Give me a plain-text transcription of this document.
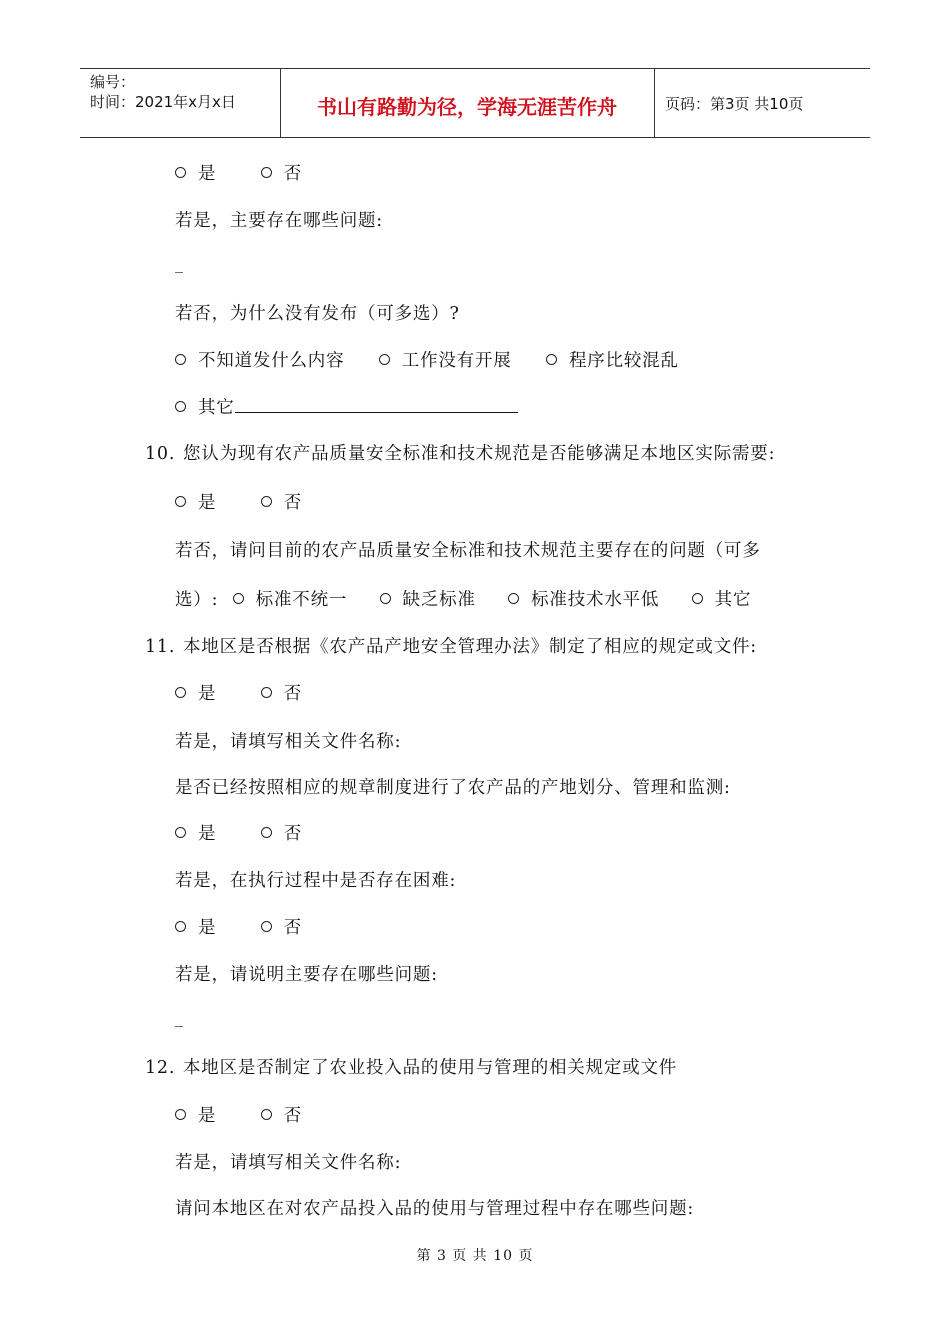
编号：
时间：2021年x月x日	书山有路勤为径，学海无涯苦作舟	页码：第3页 共10页
是	否
若是，主要存在哪些问题:
_
若否，为什么没有发布（可多选）?
不知道发什么内容	工作没有开展	程序比较混乱
其它
10. 您认为现有农产品质量安全标准和技术规范是否能够满足本地区实际需要:
是	否
若否，请问目前的农产品质量安全标准和技术规范主要存在的问题（可多
选）: 标准不统一	缺乏标准	标准技术水平低	其它
11. 本地区是否根据《农产品产地安全管理办法》制定了相应的规定或文件:
是	否
若是，请填写相关文件名称:
是否已经按照相应的规章制度进行了农产品的产地划分、管理和监测:
是	否
若是，在执行过程中是否存在困难:
是	否
若是，请说明主要存在哪些问题:
_
12. 本地区是否制定了农业投入品的使用与管理的相关规定或文件
是	否
若是，请填写相关文件名称:
请问本地区在对农产品投入品的使用与管理过程中存在哪些问题:
第 3 页 共 10 页
